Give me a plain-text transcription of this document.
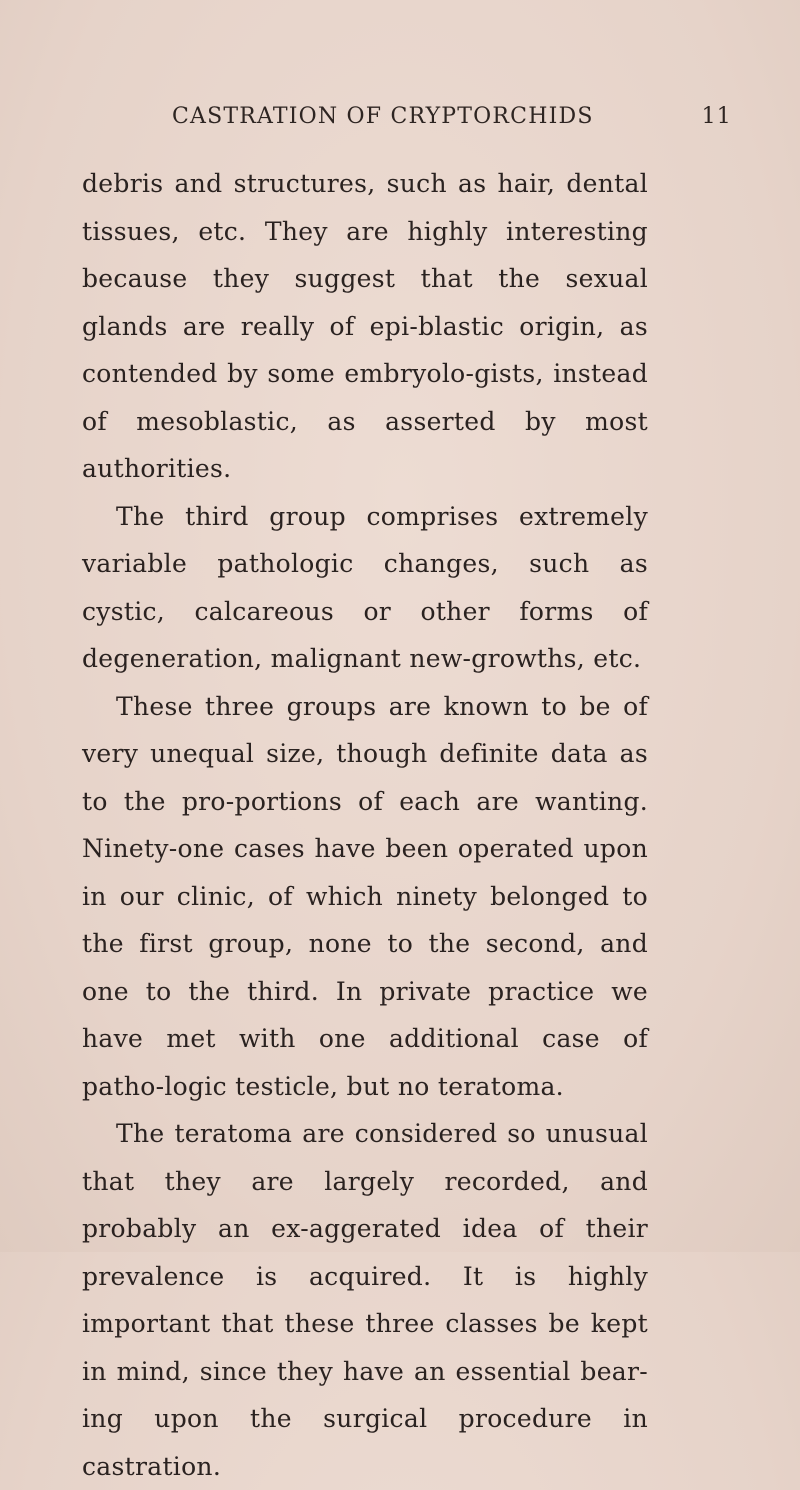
CASTRATION OF CRYPTORCHIDS	11

debris and structures, such as hair, dental tissues, etc. They are highly interesting because they suggest that the sexual glands are really of epi-blastic origin, as contended by some embryolo-gists, instead of mesoblastic, as asserted by most authorities.

The third group comprises extremely variable pathologic changes, such as cystic, calcareous or other forms of degeneration, malignant new-growths, etc.

These three groups are known to be of very unequal size, though definite data as to the pro-portions of each are wanting. Ninety-one cases have been operated upon in our clinic, of which ninety belonged to the first group, none to the second, and one to the third. In private practice we have met with one additional case of patho-logic testicle, but no teratoma.

The teratoma are considered so unusual that they are largely recorded, and probably an ex-aggerated idea of their prevalence is acquired. It is highly important that these three classes be kept in mind, since they have an essential bear-ing upon the surgical procedure in castration.
